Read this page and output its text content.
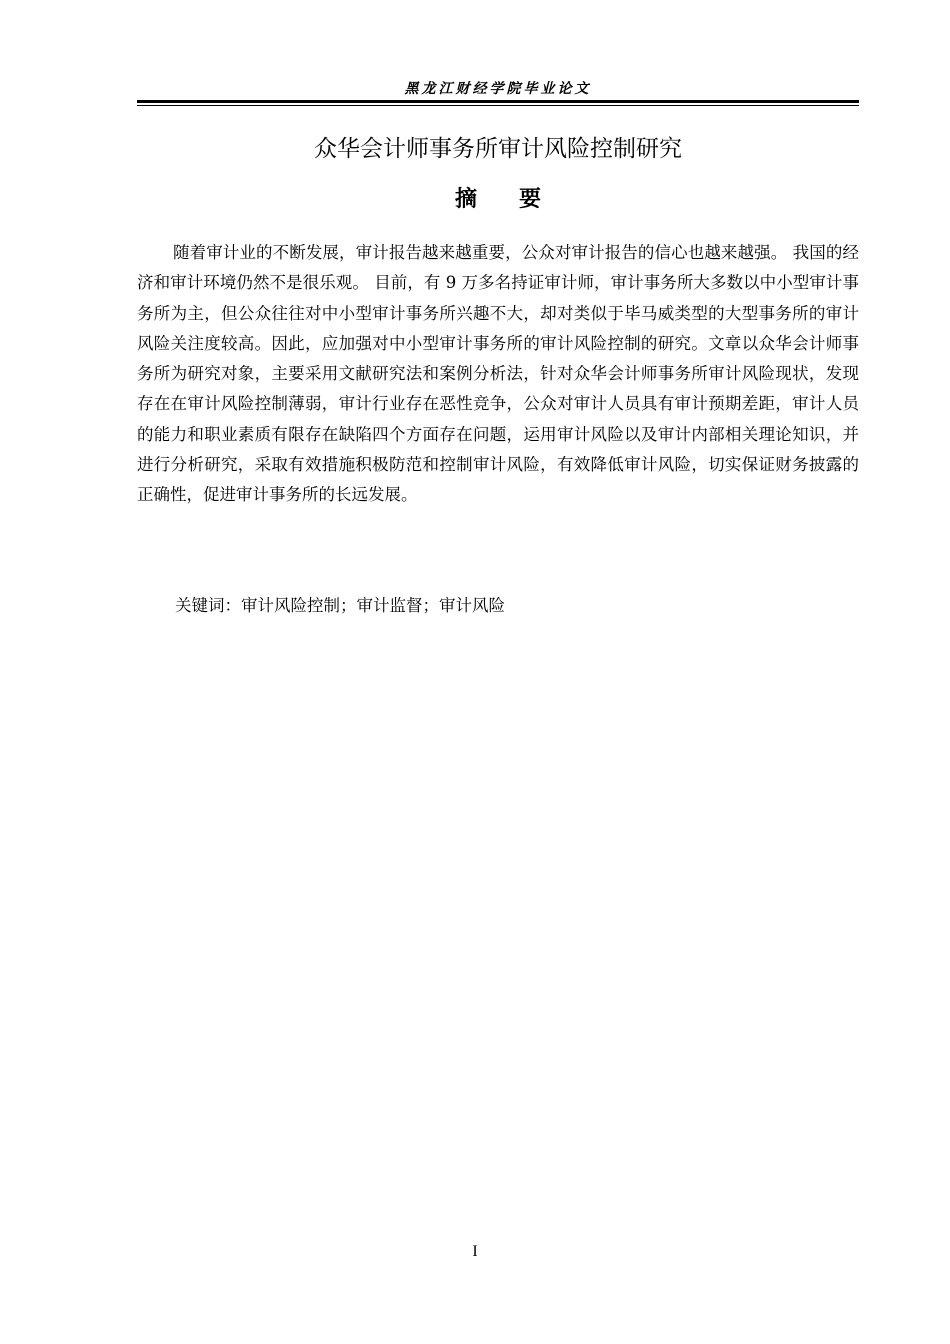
黑龙江财经学院毕业论文
众华会计师事务所审计风险控制研究
摘要

随着审计业的不断发展，审计报告越来越重要，公众对审计报告的信心也越来越强。 我国的经济和审计环境仍然不是很乐观。 目前，有 9 万多名持证审计师，审计事务所大多数以中小型审计事务所为主，但公众往往对中小型审计事务所兴趣不大，却对类似于毕马威类型的大型事务所的审计风险关注度较高。因此，应加强对中小型审计事务所的审计风险控制的研究。文章以众华会计师事务所为研究对象，主要采用文献研究法和案例分析法，针对众华会计师事务所审计风险现状，发现存在在审计风险控制薄弱，审计行业存在恶性竞争，公众对审计人员具有审计预期差距，审计人员的能力和职业素质有限存在缺陷四个方面存在问题，运用审计风险以及审计内部相关理论知识，并进行分析研究，采取有效措施积极防范和控制审计风险，有效降低审计风险，切实保证财务披露的正确性，促进审计事务所的长远发展。

关键词：审计风险控制；审计监督；审计风险
I
